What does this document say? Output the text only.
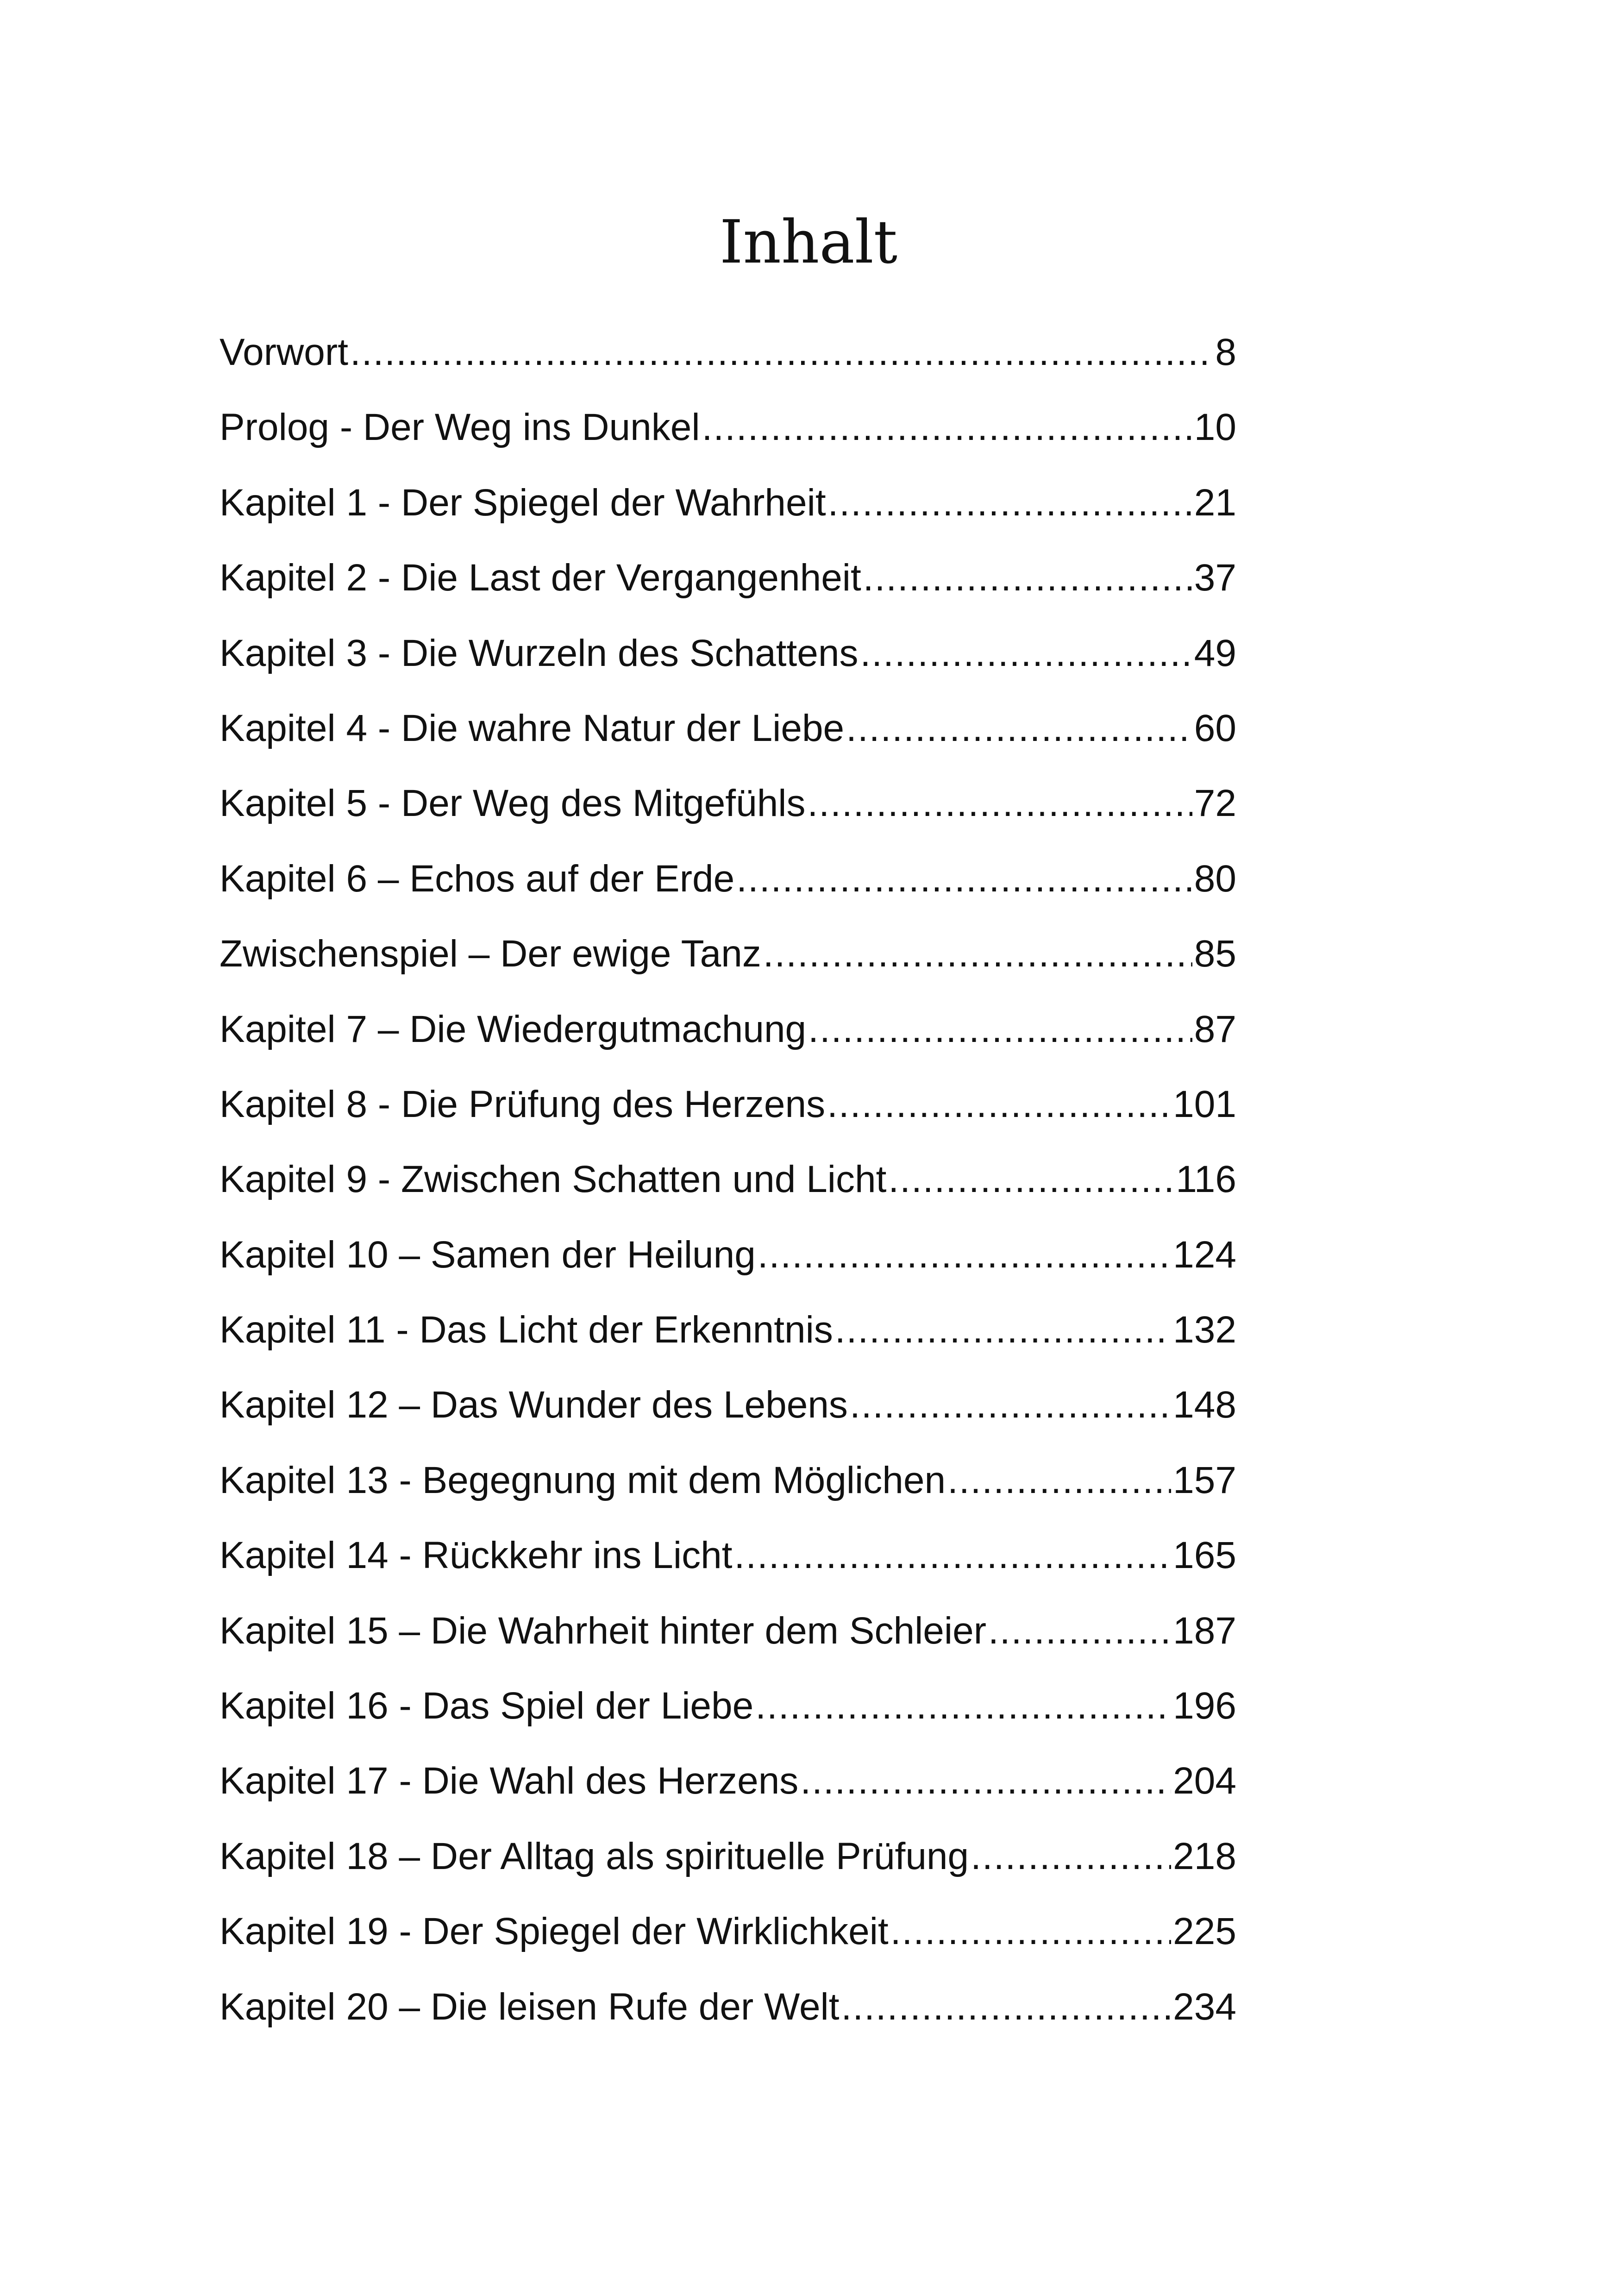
Inhalt
Vorwort .....	8
Prolog - Der Weg ins Dunkel .....	10
Kapitel 1 - Der Spiegel der Wahrheit .....	21
Kapitel 2 - Die Last der Vergangenheit .....	37
Kapitel 3 - Die Wurzeln des Schattens .....	49
Kapitel 4 - Die wahre Natur der Liebe .....	60
Kapitel 5 - Der Weg des Mitgefühls .....	72
Kapitel 6 – Echos auf der Erde .....	80
Zwischenspiel – Der ewige Tanz .....	85
Kapitel 7 – Die Wiedergutmachung .....	87
Kapitel 8 - Die Prüfung des Herzens .....	101
Kapitel 9 - Zwischen Schatten und Licht .....	116
Kapitel 10 – Samen der Heilung .....	124
Kapitel 11 - Das Licht der Erkenntnis .....	132
Kapitel 12 – Das Wunder des Lebens .....	148
Kapitel 13 - Begegnung mit dem Möglichen .....	157
Kapitel 14 - Rückkehr ins Licht .....	165
Kapitel 15 – Die Wahrheit hinter dem Schleier .....	187
Kapitel 16 - Das Spiel der Liebe .....	196
Kapitel 17 - Die Wahl des Herzens .....	204
Kapitel 18 – Der Alltag als spirituelle Prüfung .....	218
Kapitel 19 - Der Spiegel der Wirklichkeit .....	225
Kapitel 20 – Die leisen Rufe der Welt .....	234
